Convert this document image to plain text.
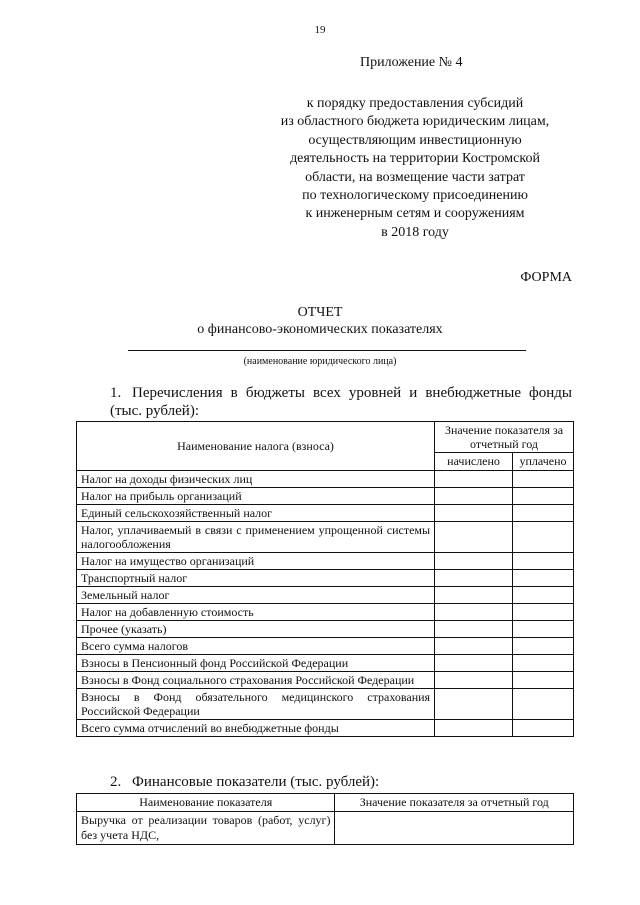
19
Приложение № 4
к порядку предоставления субсидий
из областного бюджета юридическим лицам,
осуществляющим инвестиционную
деятельность на территории Костромской
области, на возмещение части затрат
по технологическому присоединению
к инженерным сетям и сооружениям
в 2018 году
ФОРМА
ОТЧЕТ
о финансово-экономических показателях
(наименование юридического лица)
1. Перечисления в бюджеты всех уровней и внебюджетные фонды (тыс. рублей):
Наименование налога (взноса)	Значение показателя за отчетный год	
	начислено	уплачено
Налог на доходы физических лиц		
Налог на прибыль организаций		
Единый сельскохозяйственный налог		
Налог, уплачиваемый в связи с применением упрощенной системы налогообложения		
Налог на имущество организаций		
Транспортный налог		
Земельный налог		
Налог на добавленную стоимость		
Прочее (указать)		
Всего сумма налогов		
Взносы в Пенсионный фонд Российской Федерации		
Взносы в Фонд социального страхования Российской Федерации		
Взносы в Фонд обязательного медицинского страхования Российской Федерации		
Всего сумма отчислений во внебюджетные фонды		
2. Финансовые показатели (тыс. рублей):
Наименование показателя	Значение показателя за отчетный год
Выручка от реализации товаров (работ, услуг) без учета НДС,	
